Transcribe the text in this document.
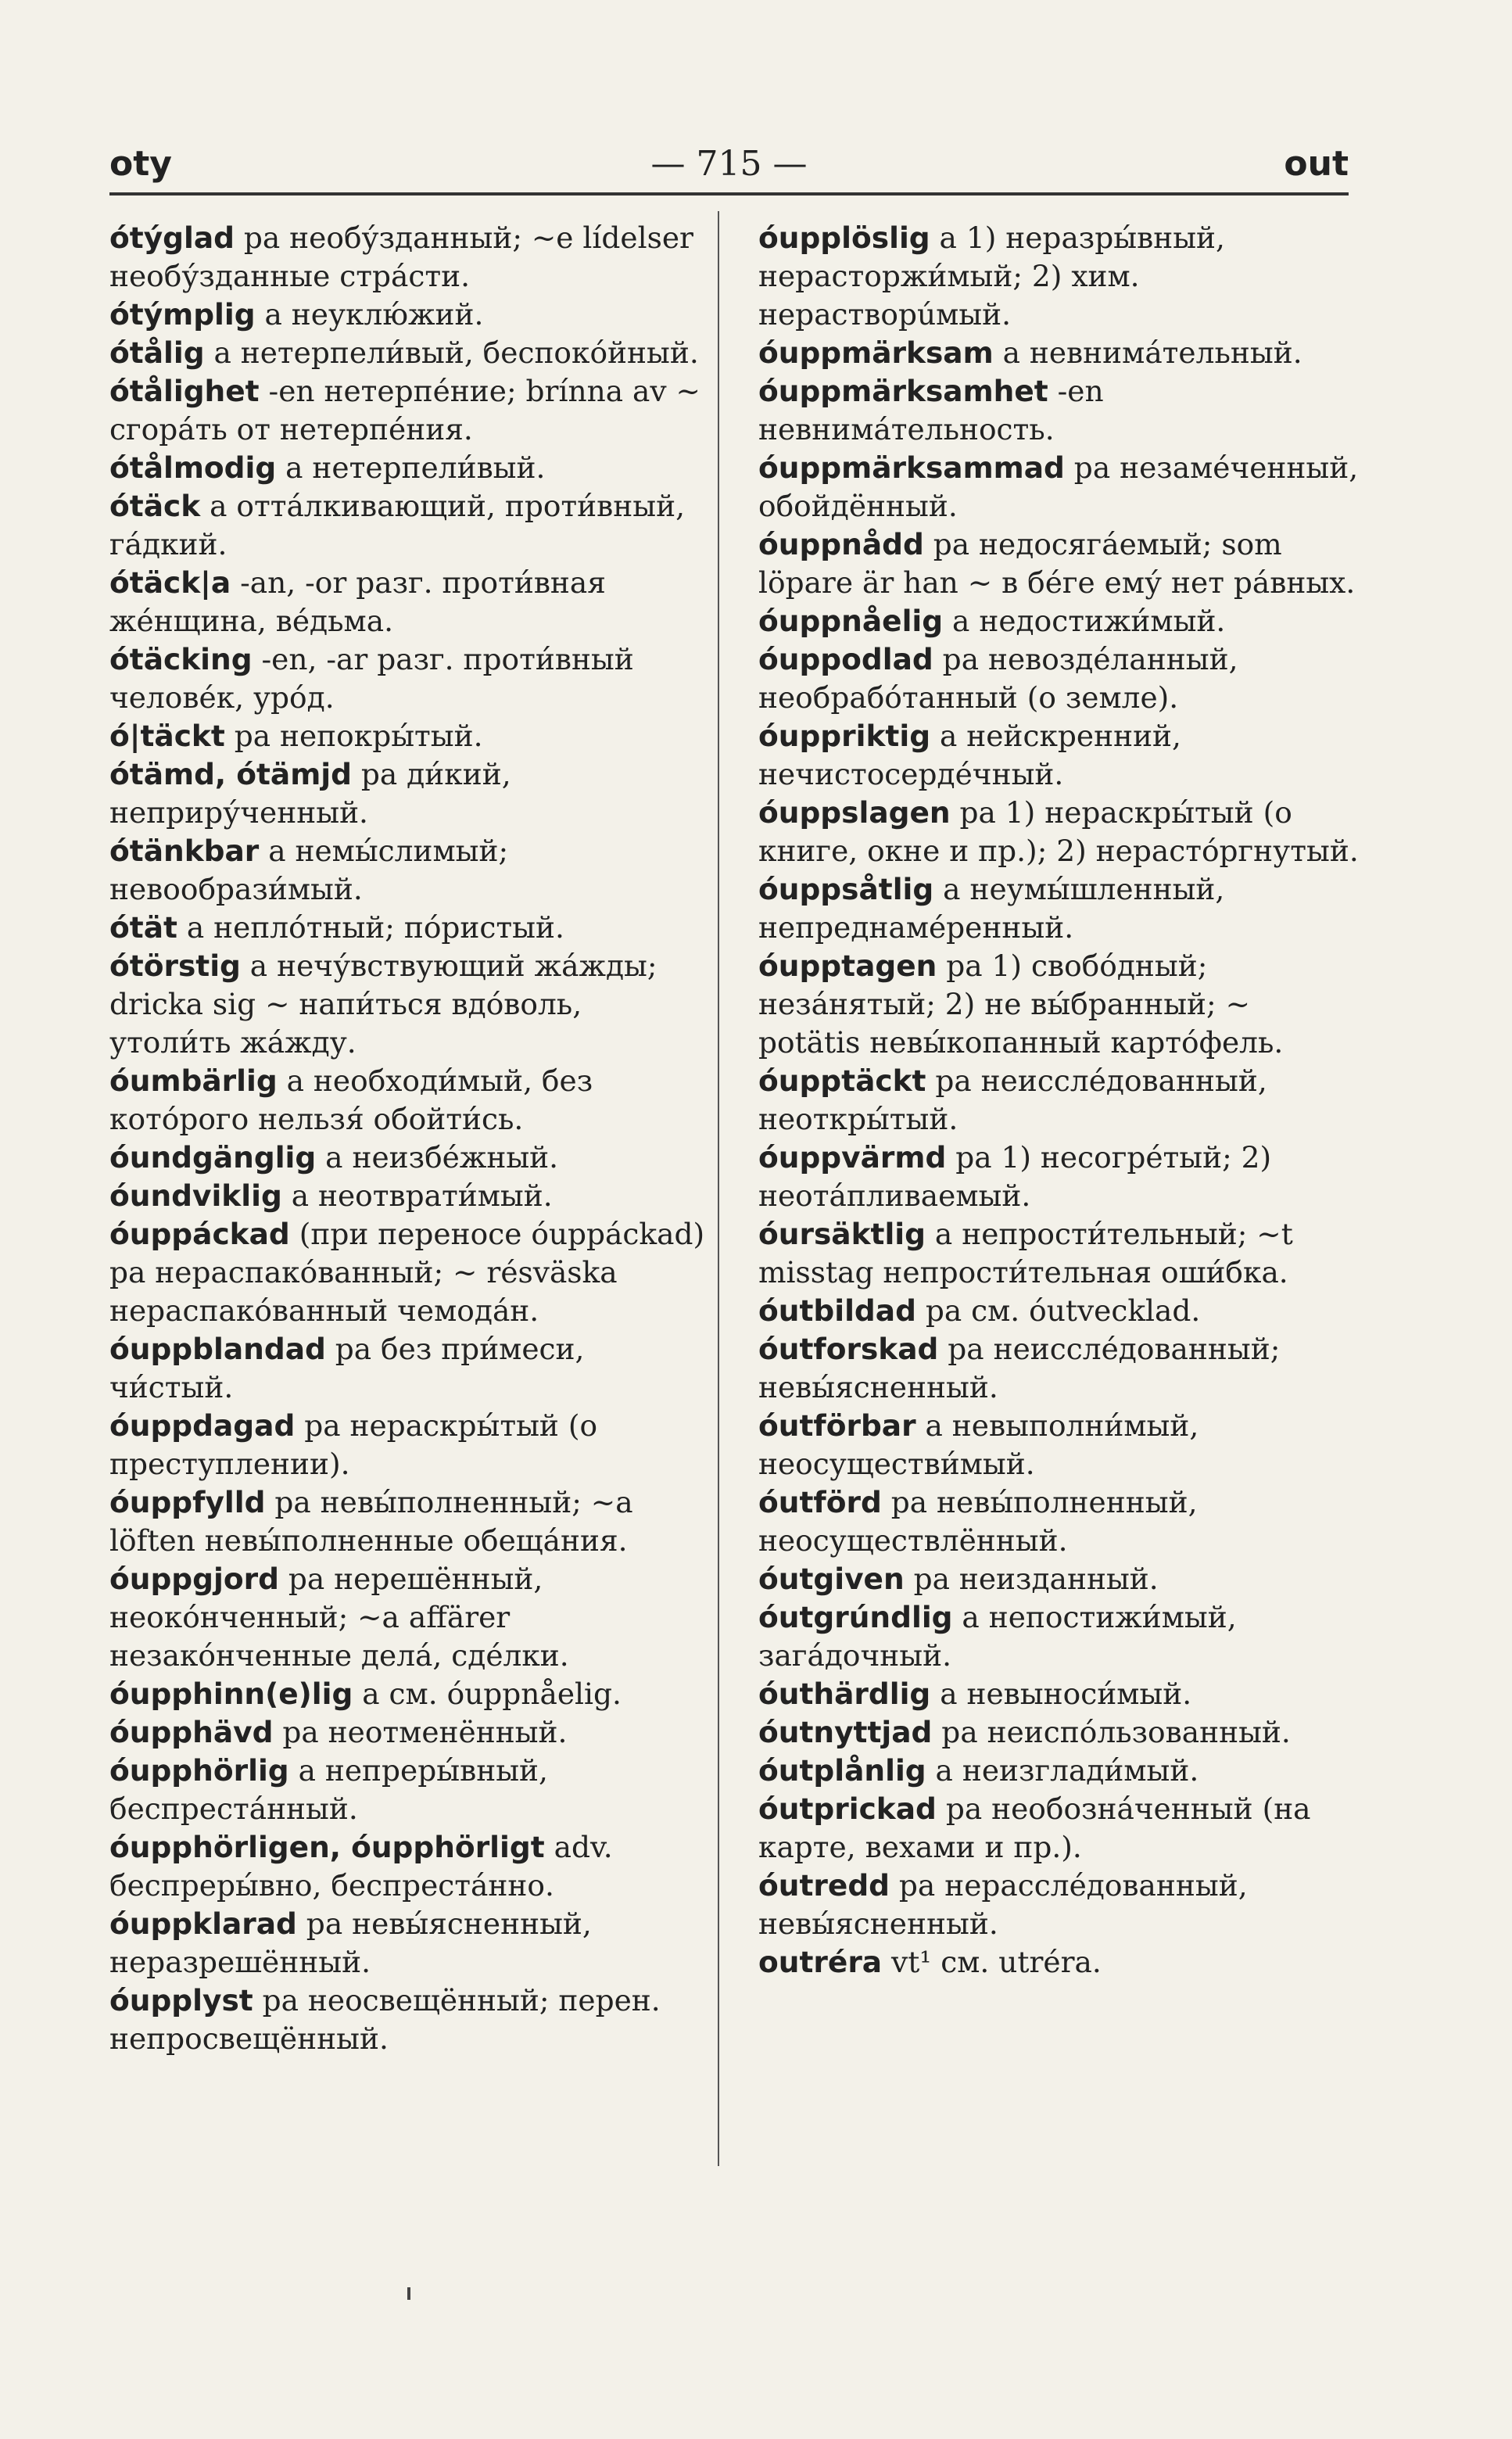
oty	— 715 —	out
ótýglad pa необу́зданный; ~e lídelser необу́зданные стра́сти.
ótýmplig a неуклю́жий.
ótålig a нетерпели́вый, беспоко́йный.
ótålighet -en нетерпе́ние; brínna av ~ сгора́ть от нетерпе́ния.
ótålmodig a нетерпели́вый.
ótäck a отта́лкивающий, проти́вный, га́дкий.
ótäck|a -an, -or разг. проти́вная же́нщина, ве́дьма.
ótäcking -en, -ar разг. проти́вный челове́к, уро́д.
ó|täckt pa непокры́тый.
ótämd, ótämjd pa ди́кий, неприру́ченный.
ótänkbar a немы́слимый; невообрази́мый.
ótät a непло́тный; по́ристый.
ótörstig a нечу́вствующий жа́жды; dricka sig ~ напи́ться вдо́воль, утоли́ть жа́жду.
óumbärlig a необходи́мый, без кото́рого нельзя́ обойти́сь.
óundgänglig a неизбе́жный.
óundviklig a неотврати́мый.
óuppáckad (при переносе óuppáckad) pa нераспако́ванный; ~ résväska нераспако́ванный чемода́н.
óuppblandad pa без при́меси, чи́стый.
óuppdagad pa нераскры́тый (о преступлении).
óuppfylld pa невы́полненный; ~a löften невы́полненные обеща́ния.
óuppgjord pa нерешённый, неоко́нченный; ~a affärer незако́нченные дела́, сде́лки.
óupphinn(e)lig a см. óuppnåelig.
óupphävd pa неотменённый.
óupphörlig a непреры́вный, беспреста́нный.
óupphörligen, óupphörligt adv. беспреры́вно, беспреста́нно.
óuppklarad pa невы́ясненный, неразрешённый.
óupplyst pa неосвещённый; перен. непросвещённый.
óupplöslig a 1) неразры́вный, нерасторжи́мый; 2) хим. нерастворúмый.
óuppmärksam a невнима́тельный.
óuppmärksamhet -en невнима́тельность.
óuppmärksammad pa незаме́ченный, обойдённый.
óuppnådd pa недосяга́емый; som löpare är han ~ в бе́ге ему́ нет ра́вных.
óuppnåelig a недостижи́мый.
óuppodlad pa невозде́ланный, необрабо́танный (о земле).
óuppriktig a нейскренний, нечистосерде́чный.
óuppslagen pa 1) нераскры́тый (о книге, окне и пр.); 2) нерасто́ргнутый.
óuppsåtlig a неумы́шленный, непреднаме́ренный.
óupptagen pa 1) свобо́дный; неза́нятый; 2) не вы́бранный; ~ potätis невы́копанный карто́фель.
óupptäckt pa неиссле́дованный, неоткры́тый.
óuppvärmd pa 1) несогре́тый; 2) неота́пливаемый.
óursäktlig a непрости́тельный; ~t misstag непрости́тельная оши́бка.
óutbildad pa см. óutvecklad.
óutforskad pa неиссле́дованный; невы́ясненный.
óutförbar a невыполни́мый, неосуществи́мый.
óutförd pa невы́полненный, неосуществлённый.
óutgiven pa неизданный.
óutgrúndlig a непостижи́мый, зага́дочный.
óuthärdlig a невыноси́мый.
óutnyttjad pa неиспо́льзованный.
óutplånlig a неизглади́мый.
óutprickad pa необозна́ченный (на карте, вехами и пр.).
óutredd pa нерассле́дованный, невы́ясненный.
outréra vt¹ см. utréra.
